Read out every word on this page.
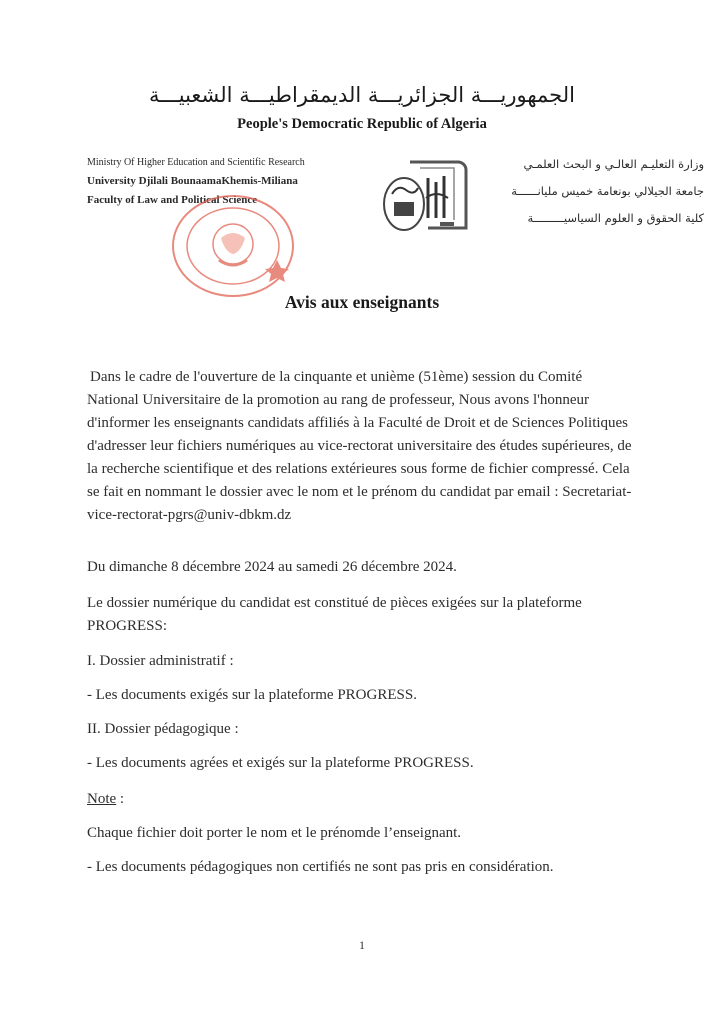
الجمهوريـــة الجزائريـــة الديمقراطيـــة الشعبيـــة
People's Democratic Republic of Algeria
Ministry Of Higher Education and Scientific Research
University Djilali BounaamaKhemis-Miliana
Faculty of Law and Political Science
وزارة التعليـم العالـي و البحث العلمـي
جامعة الجيلالي بونعامة خميس مليانــــــة
كلية الحقوق و العلوم السياسيـــــــــة
Avis aux enseignants
Dans le cadre de l'ouverture de la cinquante et unième (51ème) session du Comité National Universitaire de la promotion au rang de professeur, Nous avons l'honneur d'informer les enseignants candidats affiliés à la Faculté de Droit et de Sciences Politiques d'adresser leur fichiers numériques au vice-rectorat universitaire des études supérieures, de la recherche scientifique et des relations extérieures sous forme de fichier compressé. Cela se fait en nommant le dossier avec le nom et le prénom du candidat par email : Secretariat-vice-rectorat-pgrs@univ-dbkm.dz
Du dimanche 8 décembre 2024 au samedi 26 décembre 2024.
Le dossier numérique du candidat est constitué de pièces exigées sur la plateforme PROGRESS:
I. Dossier administratif :
- Les documents exigés sur la plateforme PROGRESS.
II. Dossier pédagogique :
- Les documents agrées et exigés sur la plateforme PROGRESS.
Note :
Chaque fichier doit porter le nom et le prénomde l’enseignant.
- Les documents pédagogiques non certifiés ne sont pas pris en considération.
1
